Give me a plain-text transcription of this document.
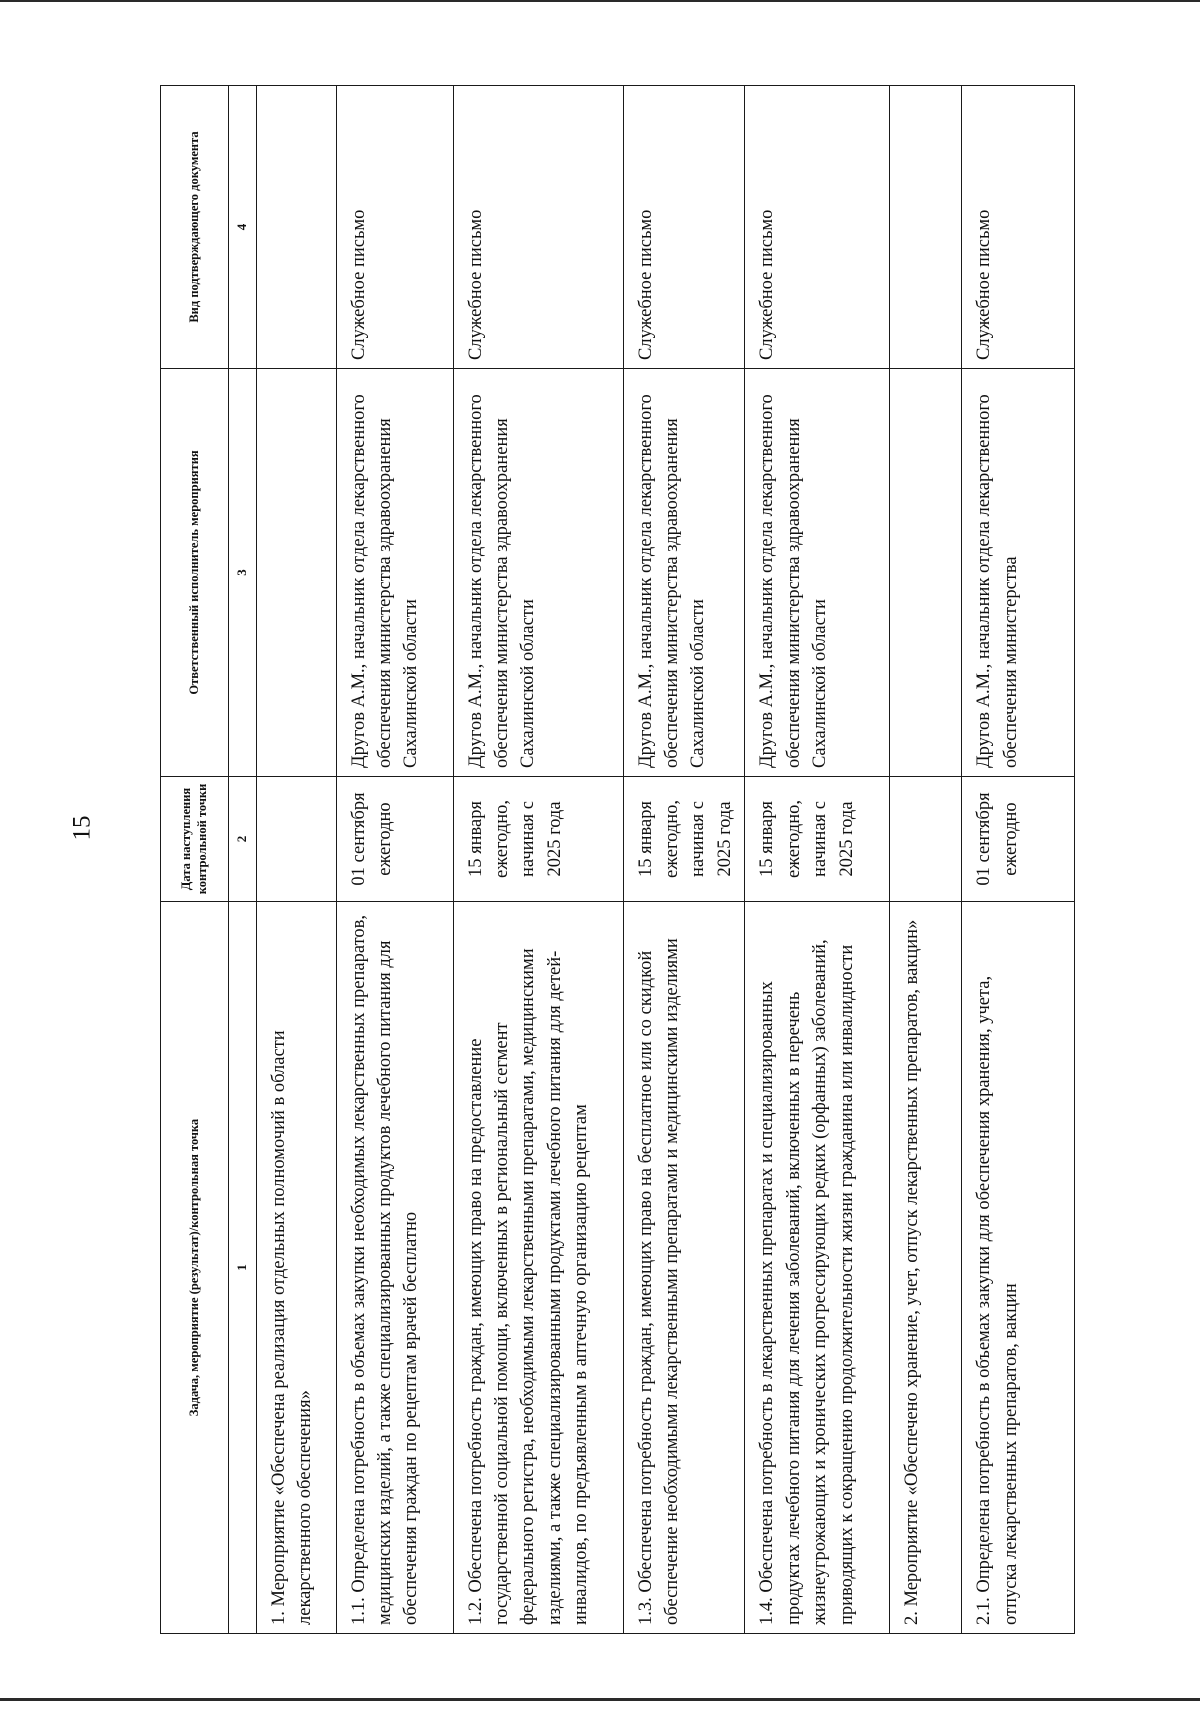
15
Задача, мероприятие (результат)/контрольная точка	Дата наступления контрольной точки	Ответственный исполнитель мероприятия	Вид подтверждающего документа
1	2	3	4
1. Мероприятие «Обеспечена реализация отдельных полномочий в области лекарственного обеспечения»			
1.1. Определена потребность в объемах закупки необходимых лекарственных препаратов, медицинских изделий, а также специализированных продуктов лечебного питания для обеспечения граждан по рецептам врачей бесплатно	01 сентября ежегодно	Другов А.М., начальник отдела лекарственного обеспечения министерства здравоохранения Сахалинской области	Служебное письмо
1.2. Обеспечена потребность граждан, имеющих право на предоставление государственной социальной помощи, включенных в региональный сегмент федерального регистра, необходимыми лекарственными препаратами, медицинскими изделиями, а также специализированными продуктами лечебного питания для детей-инвалидов, по предъявленным в аптечную организацию рецептам	15 января ежегодно, начиная с 2025 года	Другов А.М., начальник отдела лекарственного обеспечения министерства здравоохранения Сахалинской области	Служебное письмо
1.3. Обеспечена потребность граждан, имеющих право на бесплатное или со скидкой обеспечение необходимыми лекарственными препаратами и медицинскими изделиями	15 января ежегодно, начиная с 2025 года	Другов А.М., начальник отдела лекарственного обеспечения министерства здравоохранения Сахалинской области	Служебное письмо
1.4. Обеспечена потребность в лекарственных препаратах и специализированных продуктах лечебного питания для лечения заболеваний, включенных в перечень жизнеугрожающих и хронических прогрессирующих редких (орфанных) заболеваний, приводящих к сокращению продолжительности жизни гражданина или инвалидности	15 января ежегодно, начиная с 2025 года	Другов А.М., начальник отдела лекарственного обеспечения министерства здравоохранения Сахалинской области	Служебное письмо
2. Мероприятие «Обеспечено хранение, учет, отпуск лекарственных препаратов, вакцин»			
2.1. Определена потребность в объемах закупки для обеспечения хранения, учета, отпуска лекарственных препаратов, вакцин	01 сентября ежегодно	Другов А.М., начальник отдела лекарственного обеспечения министерства	Служебное письмо
